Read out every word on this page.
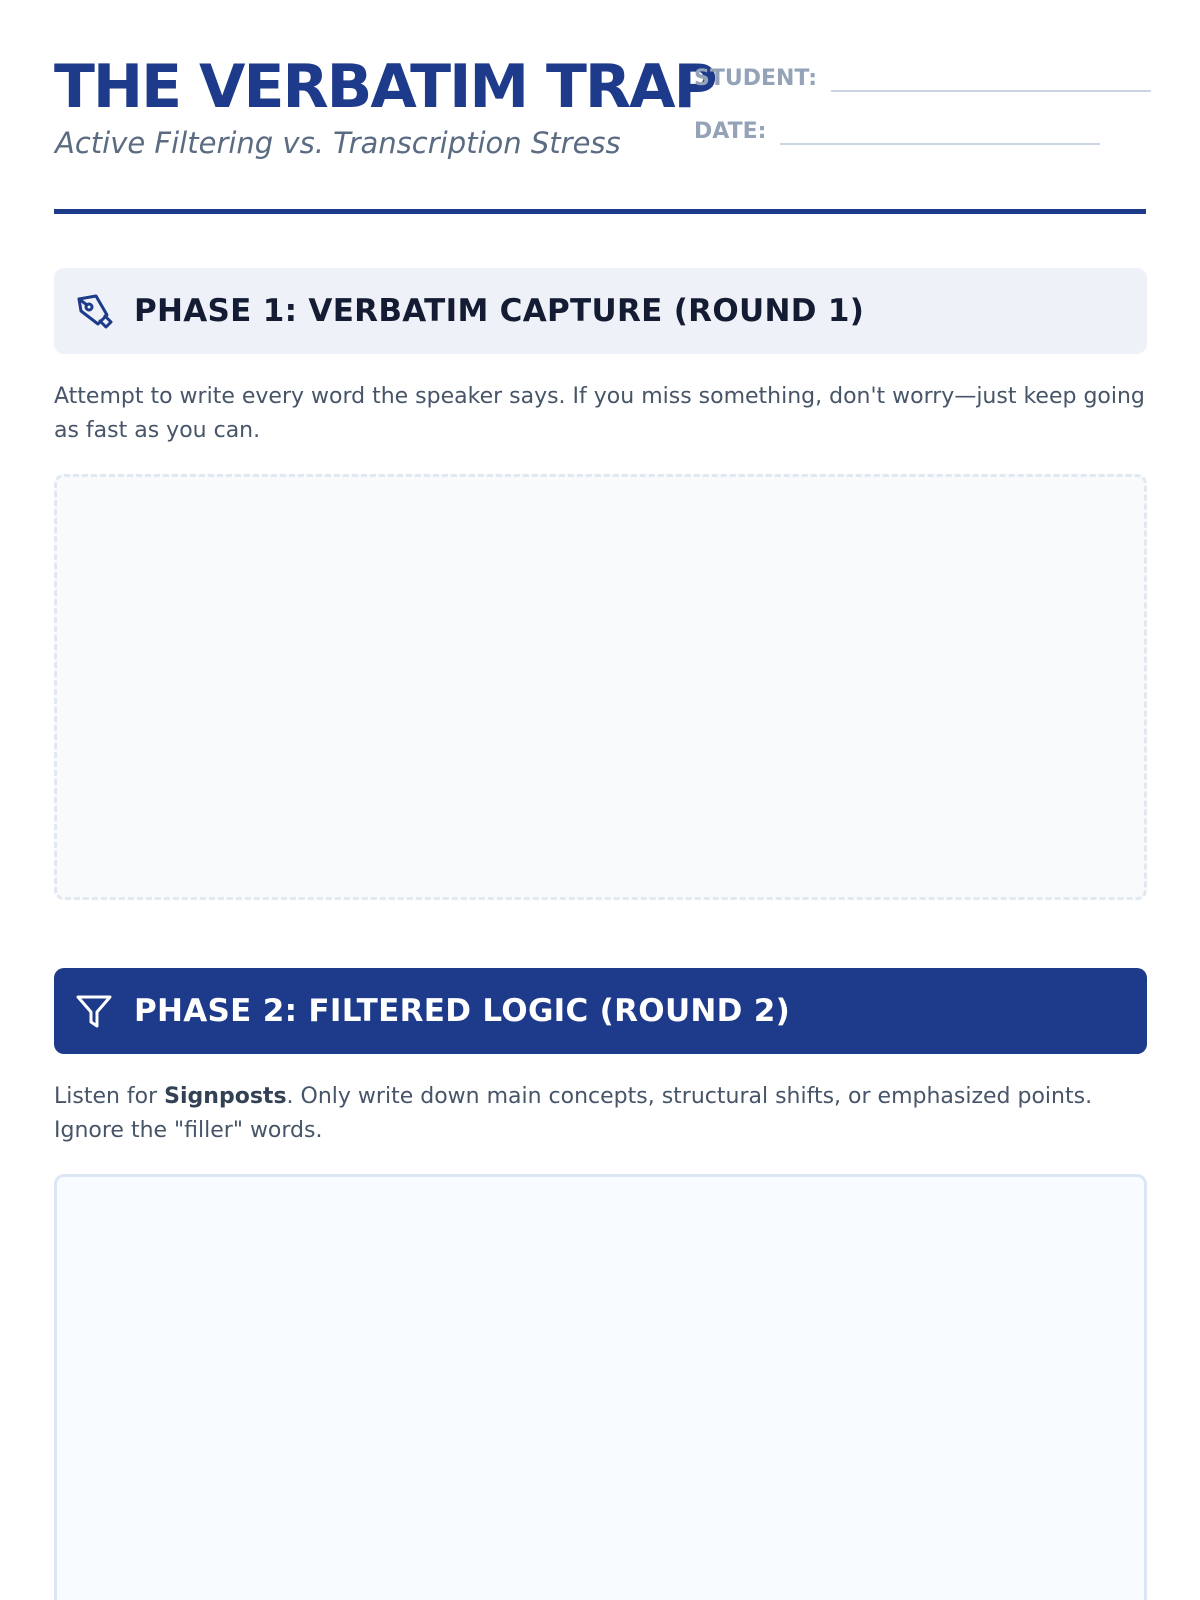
THE VERBATIM TRAP

Active Filtering vs. Transcription Stress

STUDENT:
DATE:
PHASE 1: VERBATIM CAPTURE (ROUND 1)

Attempt to write every word the speaker says. If you miss something, don't worry—just keep going as fast as you can.

PHASE 2: FILTERED LOGIC (ROUND 2)

Listen for Signposts. Only write down main concepts, structural shifts, or emphasized points. Ignore the "filler" words.
